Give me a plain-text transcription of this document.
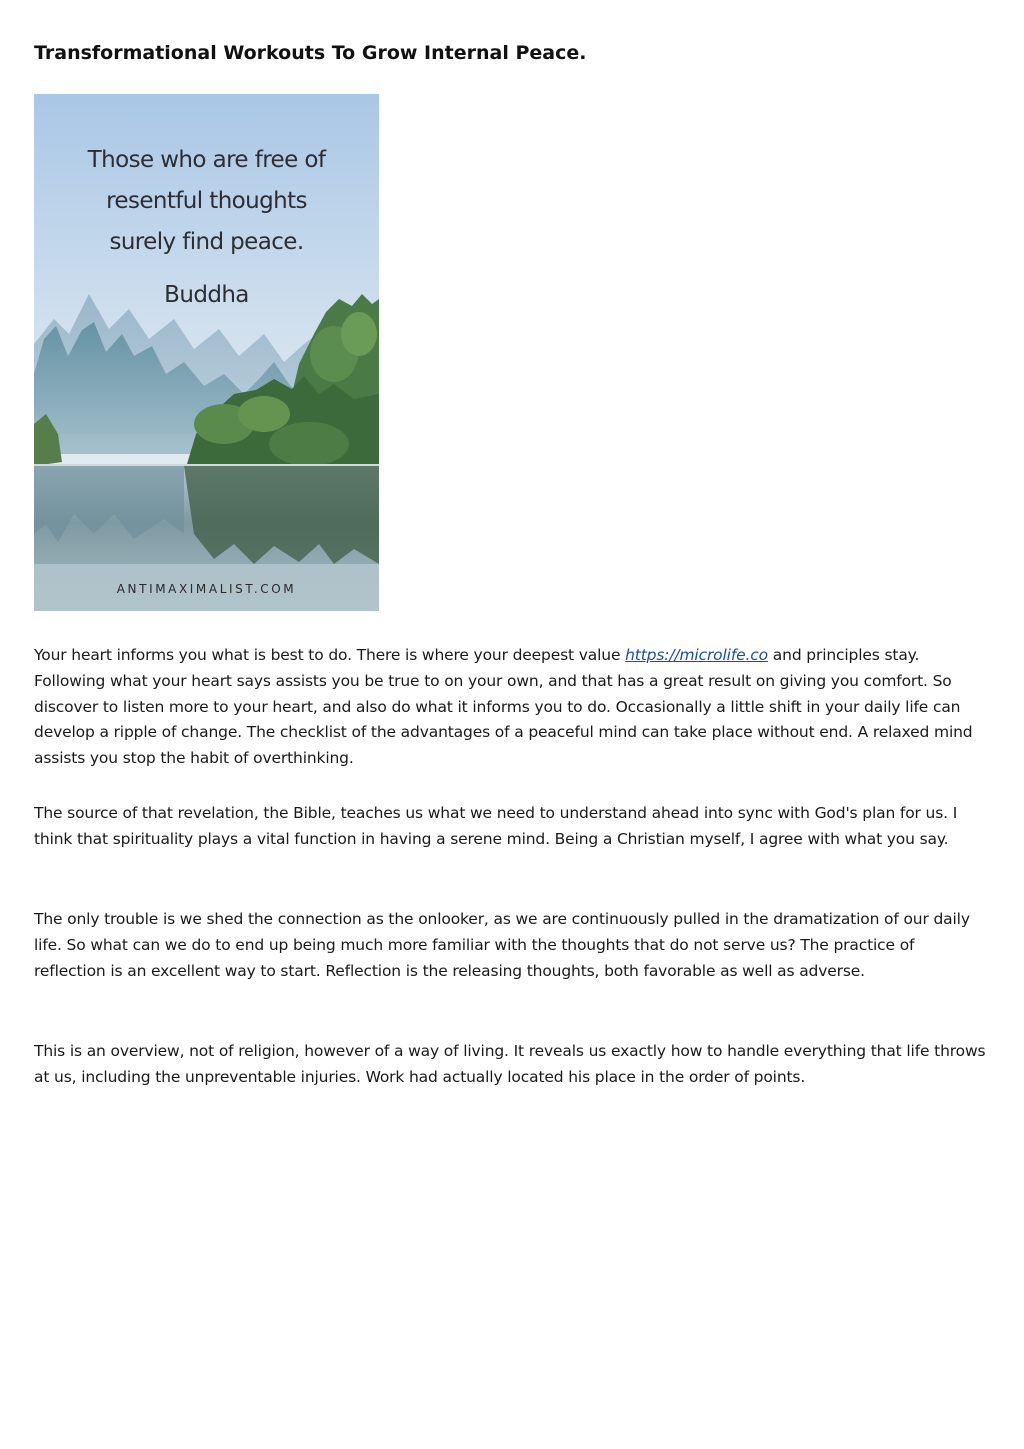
Transformational Workouts To Grow Internal Peace.
Those who are free of
resentful thoughts
surely find peace.
Buddha
ANTIMAXIMALIST.COM

Your heart informs you what is best to do. There is where your deepest value https://microlife.co and principles stay. Following what your heart says assists you be true to on your own, and that has a great result on giving you comfort. So discover to listen more to your heart, and also do what it informs you to do. Occasionally a little shift in your daily life can develop a ripple of change. The checklist of the advantages of a peaceful mind can take place without end. A relaxed mind assists you stop the habit of overthinking.

The source of that revelation, the Bible, teaches us what we need to understand ahead into sync with God's plan for us. I think that spirituality plays a vital function in having a serene mind. Being a Christian myself, I agree with what you say.

The only trouble is we shed the connection as the onlooker, as we are continuously pulled in the dramatization of our daily life. So what can we do to end up being much more familiar with the thoughts that do not serve us? The practice of reflection is an excellent way to start. Reflection is the releasing thoughts, both favorable as well as adverse.

This is an overview, not of religion, however of a way of living. It reveals us exactly how to handle everything that life throws at us, including the unpreventable injuries. Work had actually located his place in the order of points.
